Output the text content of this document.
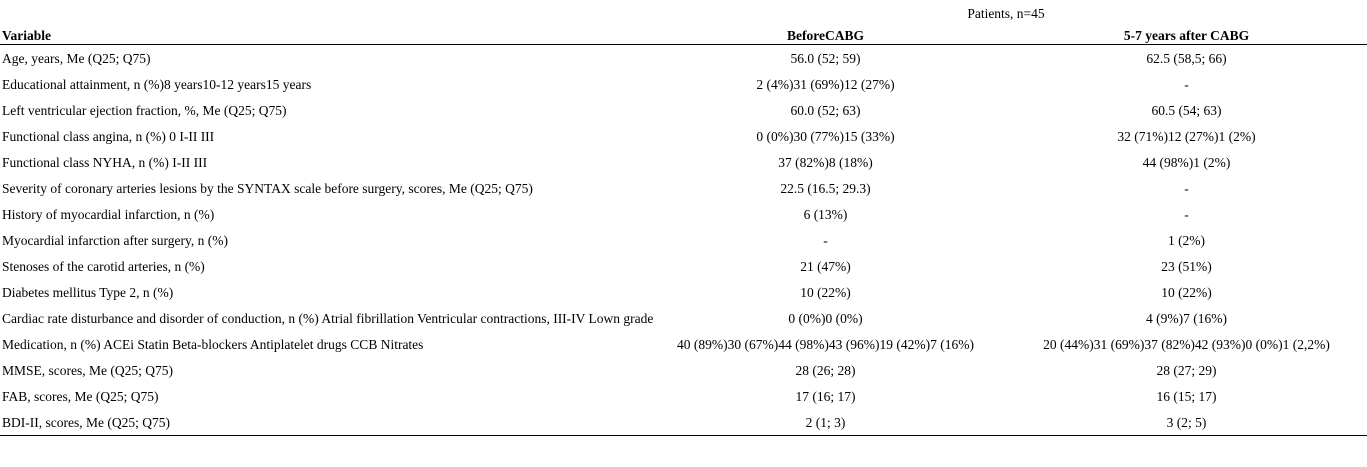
	Patients, n=45	
Variable	BeforeCABG	5-7 years after CABG

Age, years, Me (Q25; Q75)	56.0 (52; 59)	62.5 (58,5; 66)
Educational attainment, n (%)8 years10-12 years15 years	2 (4%)31 (69%)12 (27%)	-
Left ventricular ejection fraction, %, Me (Q25; Q75)	60.0 (52; 63)	60.5 (54; 63)
Functional class angina, n (%) 0 I-II III	0 (0%)30 (77%)15 (33%)	32 (71%)12 (27%)1 (2%)
Functional class NYHA, n (%) I-II III	37 (82%)8 (18%)	44 (98%)1 (2%)
Severity of coronary arteries lesions by the SYNTAX scale before surgery, scores, Me (Q25; Q75)	22.5 (16.5; 29.3)	-
History of myocardial infarction, n (%)	6 (13%)	-
Myocardial infarction after surgery, n (%)	-	1 (2%)
Stenoses of the carotid arteries, n (%)	21 (47%)	23 (51%)
Diabetes mellitus Type 2, n (%)	10 (22%)	10 (22%)
Cardiac rate disturbance and disorder of conduction, n (%) Atrial fibrillation Ventricular contractions, III-IV Lown grade	0 (0%)0 (0%)	4 (9%)7 (16%)
Medication, n (%) ACEi Statin Beta-blockers Antiplatelet drugs CCB Nitrates	40 (89%)30 (67%)44 (98%)43 (96%)19 (42%)7 (16%)	20 (44%)31 (69%)37 (82%)42 (93%)0 (0%)1 (2,2%)
MMSE, scores, Me (Q25; Q75)	28 (26; 28)	28 (27; 29)
FAB, scores, Me (Q25; Q75)	17 (16; 17)	16 (15; 17)
BDI-II, scores, Me (Q25; Q75)	2 (1; 3)	3 (2; 5)
